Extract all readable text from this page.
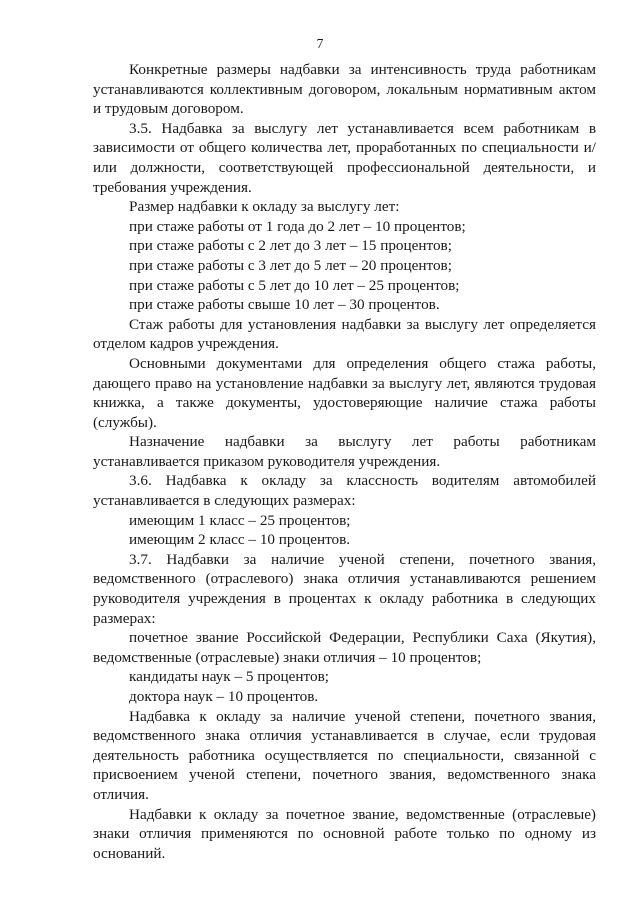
7

Конкретные размеры надбавки за интенсивность труда работникам устанавливаются коллективным договором, локальным нормативным актом и трудовым договором.

3.5. Надбавка за выслугу лет устанавливается всем работникам в зависимости от общего количества лет, проработанных по специальности и/или должности, соответствующей профессиональной деятельности, и требования учреждения.

Размер надбавки к окладу за выслугу лет:

при стаже работы от 1 года до 2 лет – 10 процентов;

при стаже работы с 2 лет до 3 лет – 15 процентов;

при стаже работы с 3 лет до 5 лет – 20 процентов;

при стаже работы с 5 лет до 10 лет – 25 процентов;

при стаже работы свыше 10 лет – 30 процентов.

Стаж работы для установления надбавки за выслугу лет определяется отделом кадров учреждения.

Основными документами для определения общего стажа работы, дающего право на установление надбавки за выслугу лет, являются трудовая книжка, а также документы, удостоверяющие наличие стажа работы (службы).

Назначение надбавки за выслугу лет работы работникам устанавливается приказом руководителя учреждения.

3.6. Надбавка к окладу за классность водителям автомобилей устанавливается в следующих размерах:

имеющим 1 класс – 25 процентов;

имеющим 2 класс – 10 процентов.

3.7. Надбавки за наличие ученой степени, почетного звания, ведомственного (отраслевого) знака отличия устанавливаются решением руководителя учреждения в процентах к окладу работника в следующих размерах:

почетное звание Российской Федерации, Республики Саха (Якутия), ведомственные (отраслевые) знаки отличия – 10 процентов;

кандидаты наук – 5 процентов;

доктора наук – 10 процентов.

Надбавка к окладу за наличие ученой степени, почетного звания, ведомственного знака отличия устанавливается в случае, если трудовая деятельность работника осуществляется по специальности, связанной с присвоением ученой степени, почетного звания, ведомственного знака отличия.

Надбавки к окладу за почетное звание, ведомственные (отраслевые) знаки отличия применяются по основной работе только по одному из оснований.
